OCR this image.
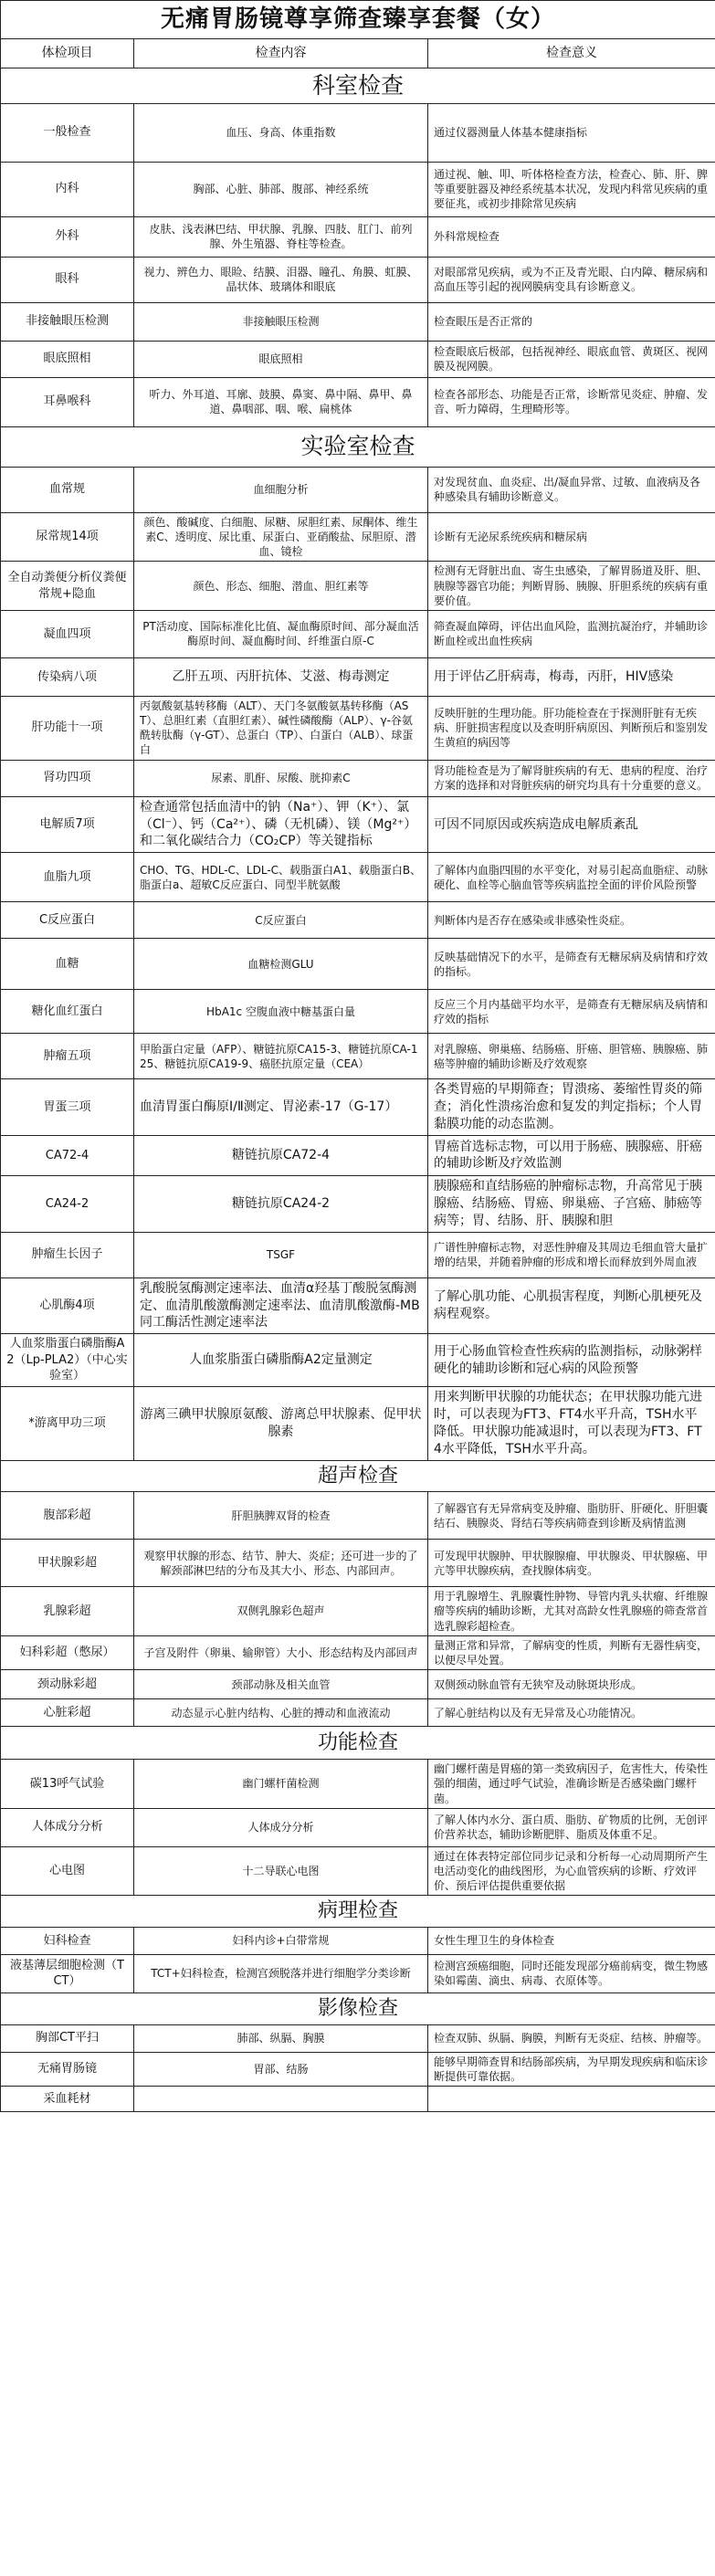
无痛胃肠镜尊享筛查臻享套餐（女）		
体检项目	检查内容	检查意义
科室检查		
一般检查	血压、身高、体重指数	通过仪器测量人体基本健康指标
内科	胸部、心脏、肺部、腹部、神经系统	通过视、触、叩、听体格检查方法，检查心、肺、肝、脾等重要脏器及神经系统基本状况，发现内科常见疾病的重要征兆，或初步排除常见疾病
外科	皮肤、浅表淋巴结、甲状腺、乳腺、四肢、肛门、前列腺、外生殖器、脊柱等检查。	外科常规检查
眼科	视力、辨色力、眼睑、结膜、泪器、瞳孔、角膜、虹膜、晶状体、玻璃体和眼底	对眼部常见疾病，或为不正及青光眼、白内障、糖尿病和高血压等引起的视网膜病变具有诊断意义。
非接触眼压检测	非接触眼压检测	检查眼压是否正常的
眼底照相	眼底照相	检查眼底后极部，包括视神经、眼底血管、黄斑区、视网膜及视网膜。
耳鼻喉科	听力、外耳道、耳廓、鼓膜、鼻窦、鼻中隔、鼻甲、鼻道、鼻咽部、咽、喉、扁桃体	检查各部形态、功能是否正常，诊断常见炎症、肿瘤、发音、听力障碍，生理畸形等。
实验室检查		
血常规	血细胞分析	对发现贫血、血炎症、出/凝血异常、过敏、血液病及各种感染具有辅助诊断意义。
尿常规14项	颜色、酸碱度、白细胞、尿糖、尿胆红素、尿酮体、维生素C、透明度、尿比重、尿蛋白、亚硝酸盐、尿胆原、潜血、镜检	诊断有无泌尿系统疾病和糖尿病
全自动粪便分析仪粪便常规+隐血	颜色、形态、细胞、潜血、胆红素等	检测有无肾脏出血、寄生虫感染，了解胃肠道及肝、胆、胰腺等器官功能；判断胃肠、胰腺、肝胆系统的疾病有重要价值。
凝血四项	PT活动度、国际标准化比值、凝血酶原时间、部分凝血活酶原时间、凝血酶时间、纤维蛋白原-C	筛查凝血障碍，评估出血风险，监测抗凝治疗，并辅助诊断血栓或出血性疾病
传染病八项	乙肝五项、丙肝抗体、艾滋、梅毒测定	用于评估乙肝病毒，梅毒，丙肝，HIV感染
肝功能十一项	丙氨酸氨基转移酶（ALT）、天门冬氨酸氨基转移酶（AST）、总胆红素（直胆红素）、碱性磷酸酶（ALP）、γ-谷氨酰转肽酶（γ-GT）、总蛋白（TP）、白蛋白（ALB）、球蛋白	反映肝脏的生理功能。肝功能检查在于探测肝脏有无疾病、肝脏损害程度以及查明肝病原因、判断预后和鉴别发生黄疸的病因等
肾功四项	尿素、肌酐、尿酸、胱抑素C	肾功能检查是为了解肾脏疾病的有无、患病的程度、治疗方案的选择和对肾脏疾病的研究均具有十分重要的意义。
电解质7项	检查通常包括血清中的钠（Na⁺）、钾（K⁺）、氯（Cl⁻）、钙（Ca²⁺）、磷（无机磷）、镁（Mg²⁺）和二氧化碳结合力（CO₂CP）等关键指标	可因不同原因或疾病造成电解质紊乱
血脂九项	CHO、TG、HDL-C、LDL-C、载脂蛋白A1、载脂蛋白B、脂蛋白a、超敏C反应蛋白、同型半胱氨酸	了解体内血脂四围的水平变化，对易引起高血脂症、动脉硬化、血栓等心脑血管等疾病监控全面的评价风险预警
C反应蛋白	C反应蛋白	判断体内是否存在感染或非感染性炎症。
血糖	血糖检测GLU	反映基础情况下的水平，是筛查有无糖尿病及病情和疗效的指标。
糖化血红蛋白	HbA1c 空腹血液中糖基蛋白量	反应三个月内基础平均水平，是筛查有无糖尿病及病情和疗效的指标
肿瘤五项	甲胎蛋白定量（AFP）、糖链抗原CA15-3、糖链抗原CA-125、糖链抗原CA19-9、癌胚抗原定量（CEA）	对乳腺癌、卵巢癌、结肠癌、肝癌、胆管癌、胰腺癌、肺癌等肿瘤的辅助诊断及疗效观察
胃蛋三项	血清胃蛋白酶原Ⅰ/Ⅱ测定、胃泌素-17（G-17）	各类胃癌的早期筛查；胃溃疡、萎缩性胃炎的筛查；消化性溃疡治愈和复发的判定指标；个人胃黏膜功能的动态监测。
CA72-4	糖链抗原CA72-4	胃癌首选标志物，可以用于肠癌、胰腺癌、肝癌的辅助诊断及疗效监测
CA24-2	糖链抗原CA24-2	胰腺癌和直结肠癌的肿瘤标志物，升高常见于胰腺癌、结肠癌、胃癌、卵巢癌、子宫癌、肺癌等病等；胃、结肠、肝、胰腺和胆
肿瘤生长因子	TSGF	广谱性肿瘤标志物，对恶性肿瘤及其周边毛细血管大量扩增的结果，并随着肿瘤的形成和增长而释放到外周血液
心肌酶4项	乳酸脱氢酶测定速率法、血清α羟基丁酸脱氢酶测定、血清肌酸激酶测定速率法、血清肌酸激酶-MB同工酶活性测定速率法	了解心肌功能、心肌损害程度，判断心肌梗死及病程观察。
人血浆脂蛋白磷脂酶A2（Lp-PLA2）（中心实验室）	人血浆脂蛋白磷脂酶A2定量测定	用于心肠血管检查性疾病的监测指标，动脉粥样硬化的辅助诊断和冠心病的风险预警
*游离甲功三项	游离三碘甲状腺原氨酸、游离总甲状腺素、促甲状腺素	用来判断甲状腺的功能状态；在甲状腺功能亢进时，可以表现为FT3、FT4水平升高，TSH水平降低。甲状腺功能减退时，可以表现为FT3、FT4水平降低，TSH水平升高。
超声检查		
腹部彩超	肝胆胰脾双肾的检查	了解器官有无异常病变及肿瘤、脂肪肝、肝硬化、肝胆囊结石、胰腺炎、肾结石等疾病筛查到诊断及病情监测
甲状腺彩超	观察甲状腺的形态、结节、肿大、炎症；还可进一步的了解颈部淋巴结的分布及其大小、形态、内部回声。	可发现甲状腺肿、甲状腺腺瘤、甲状腺炎、甲状腺癌、甲亢等甲状腺疾病，查找腺体病变。
乳腺彩超	双侧乳腺彩色超声	用于乳腺增生、乳腺囊性肿物、导管内乳头状瘤、纤维腺瘤等疾病的辅助诊断，尤其对高龄女性乳腺癌的筛查常首选乳腺彩超检查。
妇科彩超（憋尿）	子宫及附件（卵巢、输卵管）大小、形态结构及内部回声	量测正常和异常，了解病变的性质，判断有无器性病变，以便尽早处置。
颈动脉彩超	颈部动脉及相关血管	双侧颈动脉血管有无狭窄及动脉斑块形成。
心脏彩超	动态显示心脏内结构、心脏的搏动和血液流动	了解心脏结构以及有无异常及心功能情况。
功能检查		
碳13呼气试验	幽门螺杆菌检测	幽门螺杆菌是胃癌的第一类致病因子，危害性大，传染性强的细菌，通过呼气试验，准确诊断是否感染幽门螺杆菌。
人体成分分析	人体成分分析	了解人体内水分、蛋白质、脂肪、矿物质的比例，无创评价营养状态，辅助诊断肥胖、脂质及体重不足。
心电图	十二导联心电图	通过在体表特定部位同步记录和分析每一心动周期所产生电活动变化的曲线图形，为心血管疾病的诊断、疗效评价、预后评估提供重要依据
病理检查		
妇科检查	妇科内诊+白带常规	女性生理卫生的身体检查
液基薄层细胞检测（TCT）	TCT+妇科检查，检测宫颈脱落并进行细胞学分类诊断	检测宫颈癌细胞，同时还能发现部分癌前病变，微生物感染如霉菌、滴虫、病毒、衣原体等。
影像检查		
胸部CT平扫	肺部、纵膈、胸膜	检查双肺、纵膈、胸膜，判断有无炎症、结核、肿瘤等。
无痛胃肠镜	胃部、结肠	能够早期筛查胃和结肠部疾病，为早期发现疾病和临床诊断提供可靠依据。
采血耗材		
